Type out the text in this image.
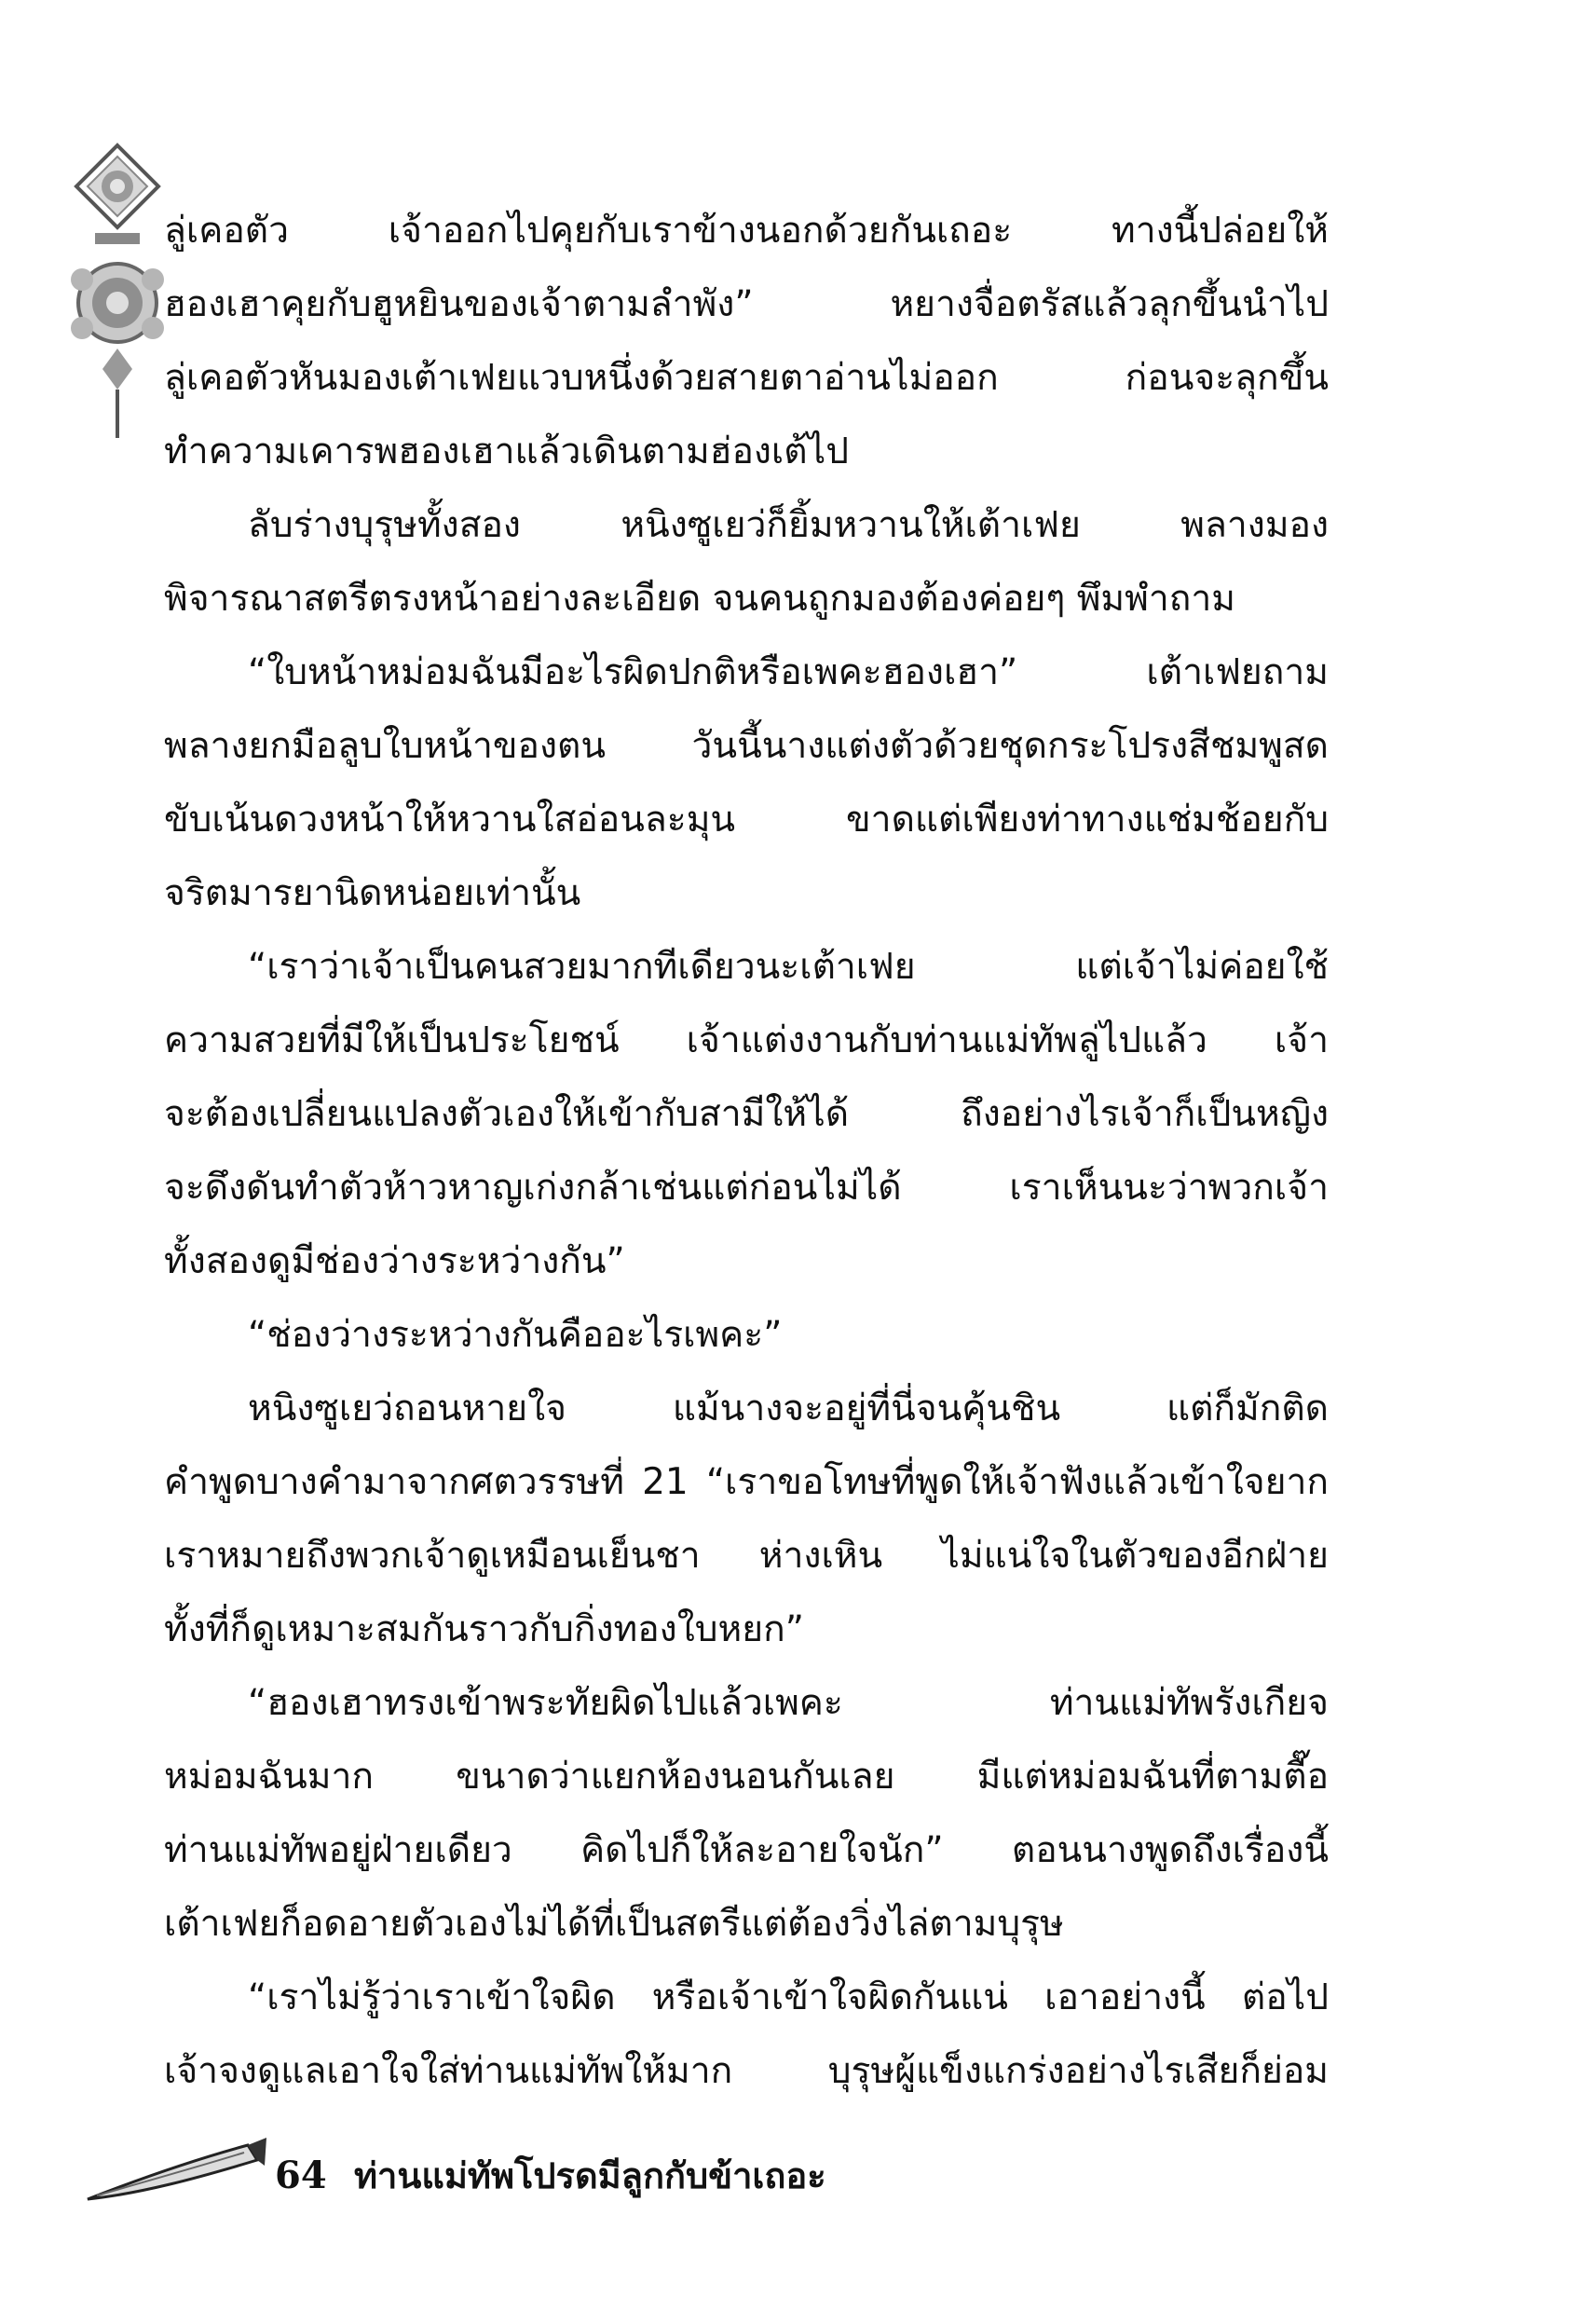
ลู่เคอตัว เจ้าออกไปคุยกับเราข้างนอกด้วยกันเถอะ ทางนี้ปล่อยให้
ฮองเฮาคุยกับฮูหยินของเจ้าตามลำพัง” หยางจื่อตรัสแล้วลุกขึ้นนำไป
ลู่เคอตัวหันมองเต้าเฟยแวบหนึ่งด้วยสายตาอ่านไม่ออก ก่อนจะลุกขึ้น
ทำความเคารพฮองเฮาแล้วเดินตามฮ่องเต้ไป
ลับร่างบุรุษทั้งสอง หนิงซูเยว่ก็ยิ้มหวานให้เต้าเฟย พลางมอง
พิจารณาสตรีตรงหน้าอย่างละเอียด จนคนถูกมองต้องค่อยๆ พึมพำถาม
“ใบหน้าหม่อมฉันมีอะไรผิดปกติหรือเพคะฮองเฮา” เต้าเฟยถาม
พลางยกมือลูบใบหน้าของตน วันนี้นางแต่งตัวด้วยชุดกระโปรงสีชมพูสด
ขับเน้นดวงหน้าให้หวานใสอ่อนละมุน ขาดแต่เพียงท่าทางแช่มช้อยกับ
จริตมารยานิดหน่อยเท่านั้น
“เราว่าเจ้าเป็นคนสวยมากทีเดียวนะเต้าเฟย แต่เจ้าไม่ค่อยใช้
ความสวยที่มีให้เป็นประโยชน์ เจ้าแต่งงานกับท่านแม่ทัพลู่ไปแล้ว เจ้า
จะต้องเปลี่ยนแปลงตัวเองให้เข้ากับสามีให้ได้ ถึงอย่างไรเจ้าก็เป็นหญิง
จะดึงดันทำตัวห้าวหาญเก่งกล้าเช่นแต่ก่อนไม่ได้ เราเห็นนะว่าพวกเจ้า
ทั้งสองดูมีช่องว่างระหว่างกัน”
“ช่องว่างระหว่างกันคืออะไรเพคะ”
หนิงซูเยว่ถอนหายใจ แม้นางจะอยู่ที่นี่จนคุ้นชิน แต่ก็มักติด
คำพูดบางคำมาจากศตวรรษที่ 21 “เราขอโทษที่พูดให้เจ้าฟังแล้วเข้าใจยาก
เราหมายถึงพวกเจ้าดูเหมือนเย็นชา ห่างเหิน ไม่แน่ใจในตัวของอีกฝ่าย
ทั้งที่ก็ดูเหมาะสมกันราวกับกิ่งทองใบหยก”
“ฮองเฮาทรงเข้าพระทัยผิดไปแล้วเพคะ ท่านแม่ทัพรังเกียจ
หม่อมฉันมาก ขนาดว่าแยกห้องนอนกันเลย มีแต่หม่อมฉันที่ตามตื๊อ
ท่านแม่ทัพอยู่ฝ่ายเดียว คิดไปก็ให้ละอายใจนัก” ตอนนางพูดถึงเรื่องนี้
เต้าเฟยก็อดอายตัวเองไม่ได้ที่เป็นสตรีแต่ต้องวิ่งไล่ตามบุรุษ
“เราไม่รู้ว่าเราเข้าใจผิด หรือเจ้าเข้าใจผิดกันแน่ เอาอย่างนี้ ต่อไป
เจ้าจงดูแลเอาใจใส่ท่านแม่ทัพให้มาก บุรุษผู้แข็งแกร่งอย่างไรเสียก็ย่อม
64 ท่านแม่ทัพโปรดมีลูกกับข้าเถอะ
